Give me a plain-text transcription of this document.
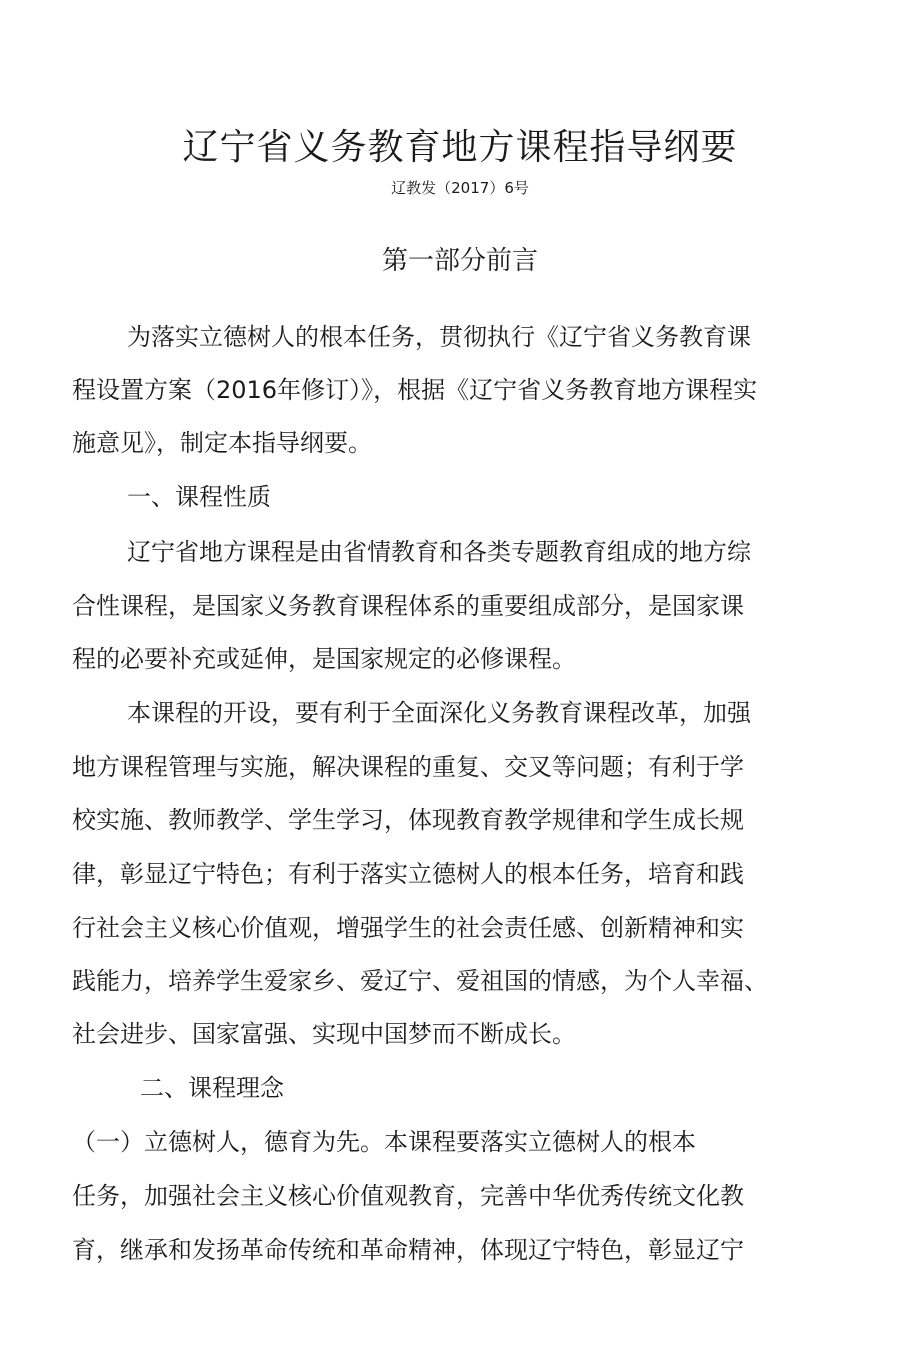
辽宁省义务教育地方课程指导纲要
辽教发（2017）6号
第一部分前言
为落实立德树人的根本任务，贯彻执行《辽宁省义务教育课
程设置方案（2016年修订）》，根据《辽宁省义务教育地方课程实
施意见》，制定本指导纲要。
一、课程性质
辽宁省地方课程是由省情教育和各类专题教育组成的地方综
合性课程，是国家义务教育课程体系的重要组成部分，是国家课
程的必要补充或延伸，是国家规定的必修课程。
本课程的开设，要有利于全面深化义务教育课程改革，加强
地方课程管理与实施，解决课程的重复、交叉等问题；有利于学
校实施、教师教学、学生学习，体现教育教学规律和学生成长规
律，彰显辽宁特色；有利于落实立德树人的根本任务，培育和践
行社会主义核心价值观，增强学生的社会责任感、创新精神和实
践能力，培养学生爱家乡、爱辽宁、爱祖国的情感，为个人幸福、
社会进步、国家富强、实现中国梦而不断成长。
二、课程理念
（一）立德树人，德育为先。本课程要落实立德树人的根本
任务，加强社会主义核心价值观教育，完善中华优秀传统文化教
育，继承和发扬革命传统和革命精神，体现辽宁特色，彰显辽宁
